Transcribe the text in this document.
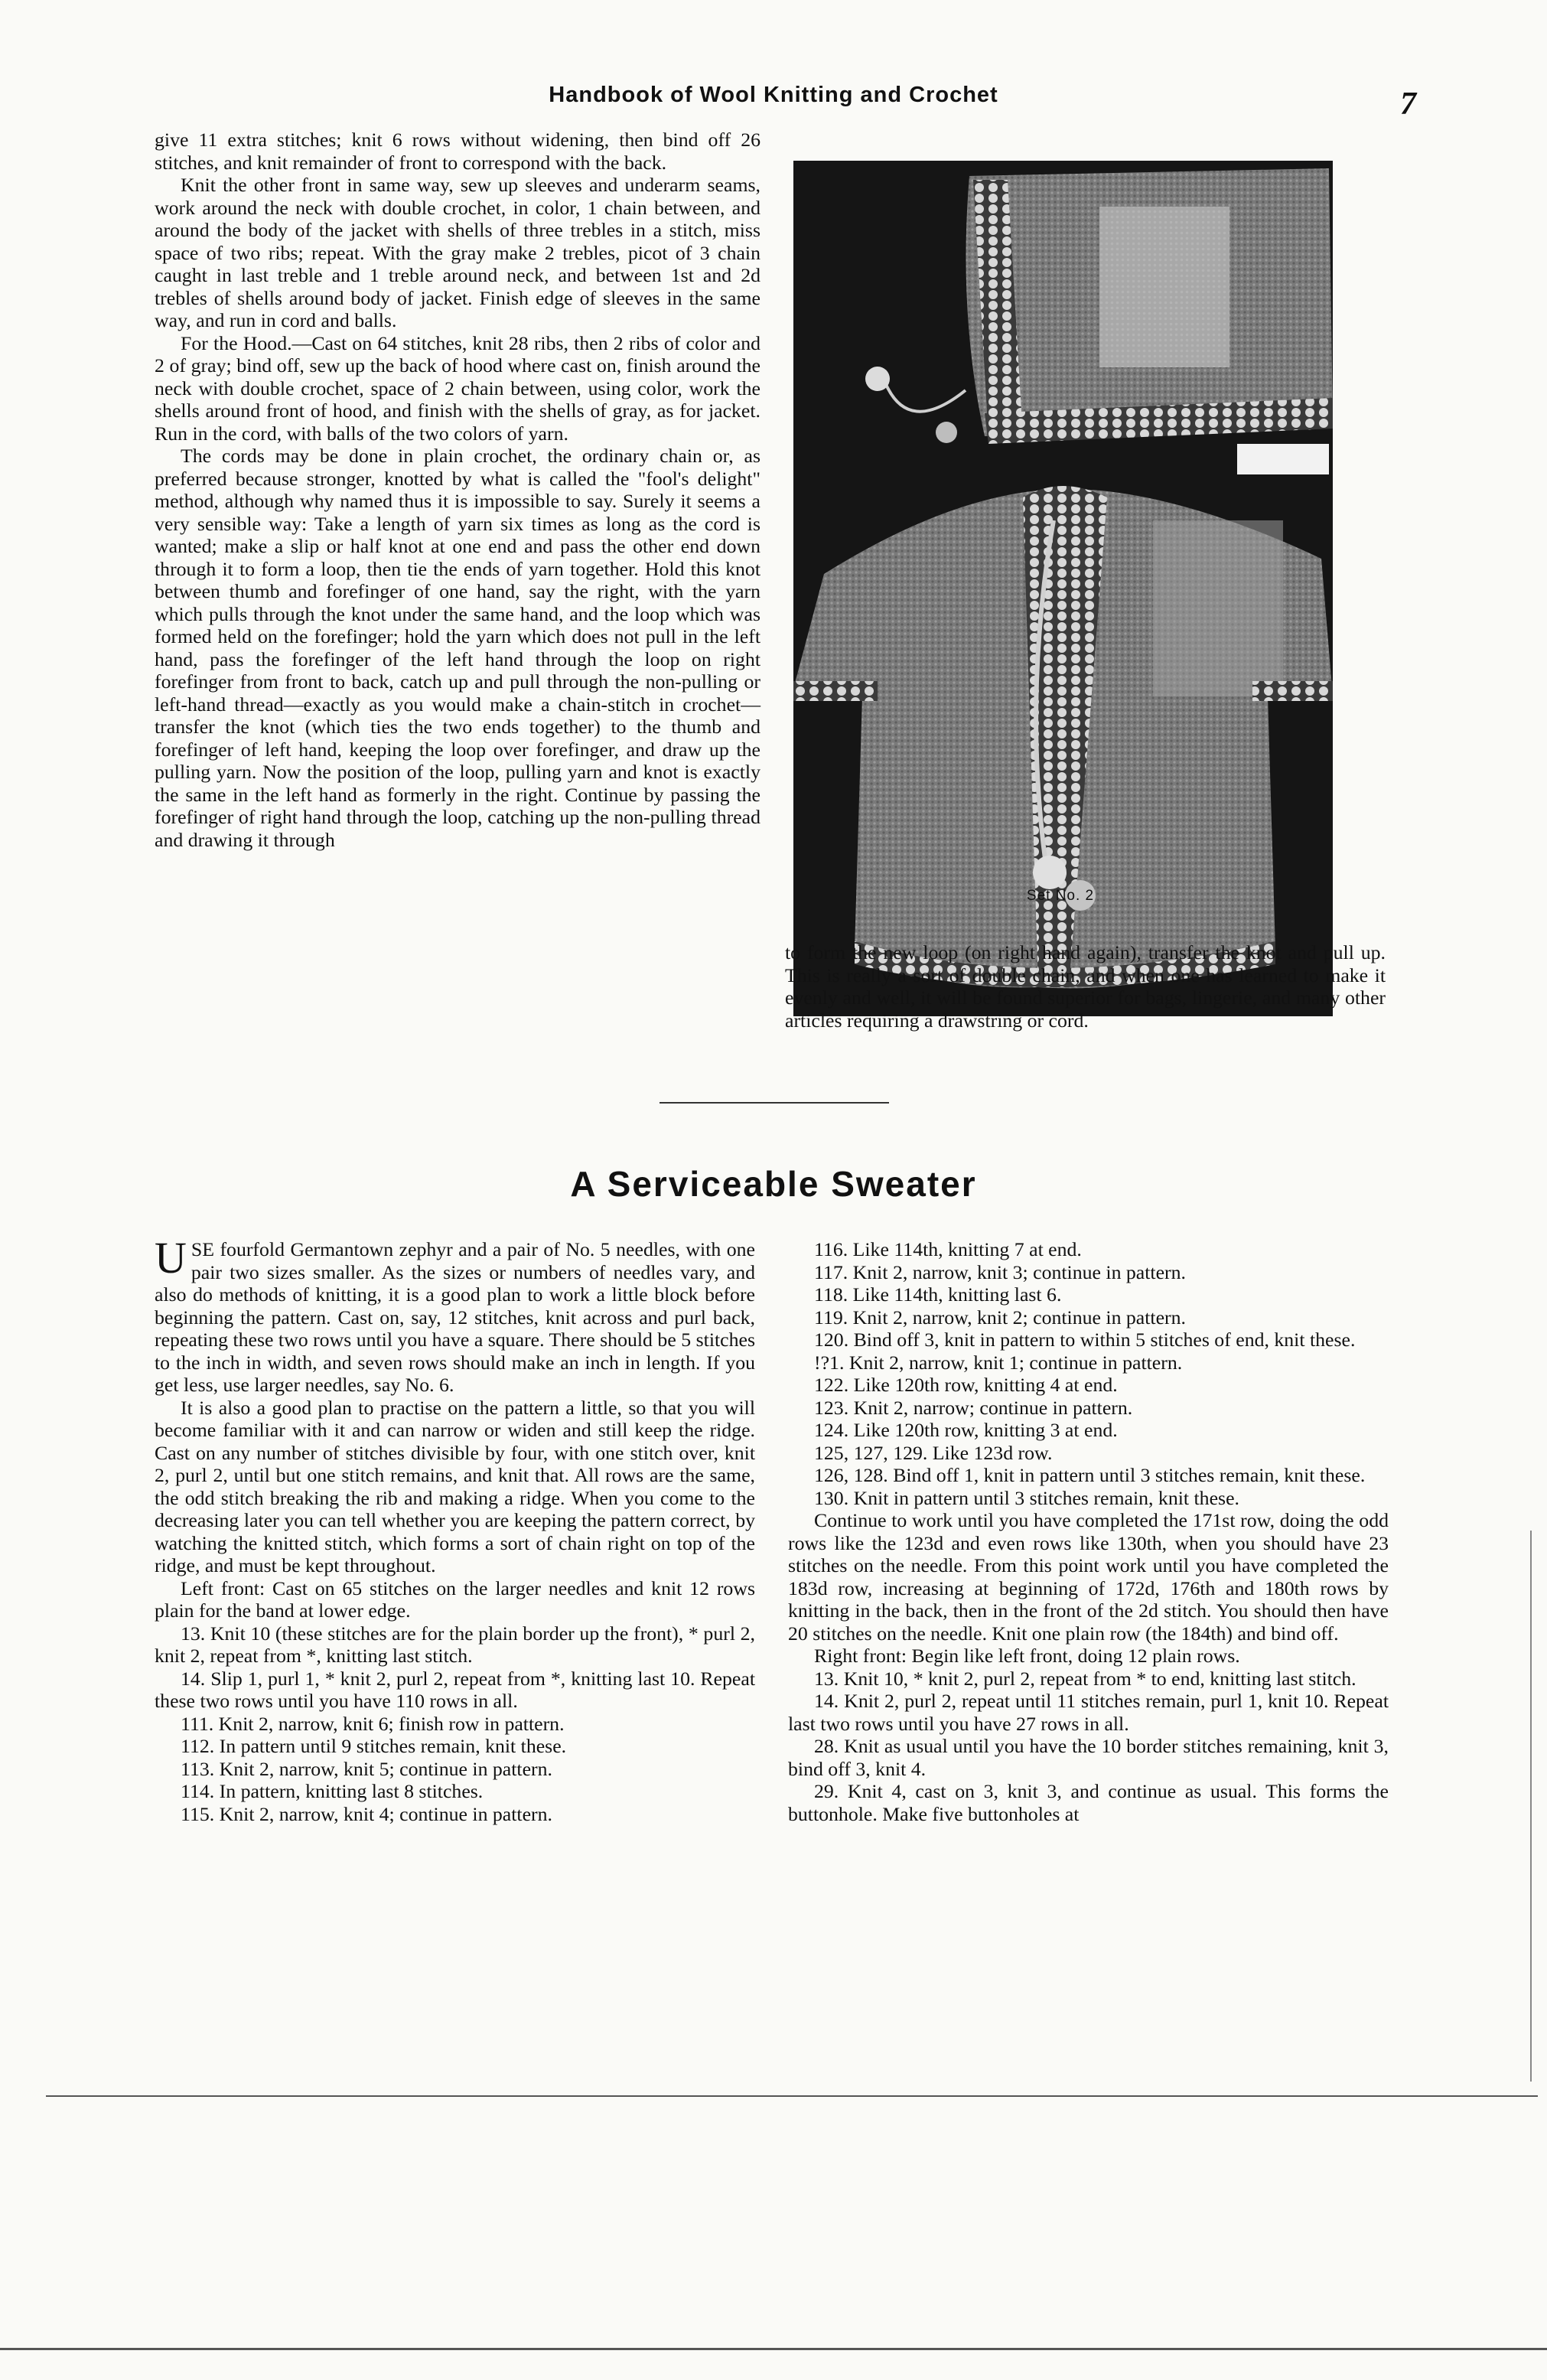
Handbook of Wool Knitting and Crochet	7

give 11 extra stitches; knit 6 rows without widening, then bind off 26 stitches, and knit remainder of front to correspond with the back.

Knit the other front in same way, sew up sleeves and underarm seams, work around the neck with double crochet, in color, 1 chain between, and around the body of the jacket with shells of three trebles in a stitch, miss space of two ribs; repeat. With the gray make 2 trebles, picot of 3 chain caught in last treble and 1 treble around neck, and between 1st and 2d trebles of shells around body of jacket. Finish edge of sleeves in the same way, and run in cord and balls.

For the Hood.—Cast on 64 stitches, knit 28 ribs, then 2 ribs of color and 2 of gray; bind off, sew up the back of hood where cast on, finish around the neck with double crochet, space of 2 chain between, using color, work the shells around front of hood, and finish with the shells of gray, as for jacket. Run in the cord, with balls of the two colors of yarn.

The cords may be done in plain crochet, the ordinary chain or, as preferred because stronger, knotted by what is called the "fool's delight" method, although why named thus it is impossible to say. Surely it seems a very sensible way: Take a length of yarn six times as long as the cord is wanted; make a slip or half knot at one end and pass the other end down through it to form a loop, then tie the ends of yarn together. Hold this knot between thumb and forefinger of one hand, say the right, with the yarn which pulls through the knot under the same hand, and the loop which was formed held on the forefinger; hold the yarn which does not pull in the left hand, pass the forefinger of the left hand through the loop on right forefinger from front to back, catch up and pull through the non-pulling or left-hand thread—exactly as you would make a chain-stitch in crochet—transfer the knot (which ties the two ends together) to the thumb and forefinger of left hand, keeping the loop over forefinger, and draw up the pulling yarn. Now the position of the loop, pulling yarn and knot is exactly the same in the left hand as formerly in the right. Continue by passing the forefinger of right hand through the loop, catching up the non-pulling thread and drawing it through

Set No. 2

to form the new loop (on right hand again), transfer the knot and pull up. This is really a sort of double chain, and when one has learned to make it evenly and well, it will be found superior for bags, lingerie, and many other articles requiring a drawstring or cord.

A Serviceable Sweater

USE fourfold Germantown zephyr and a pair of No. 5 needles, with one pair two sizes smaller. As the sizes or numbers of needles vary, and also do methods of knitting, it is a good plan to work a little block before beginning the pattern. Cast on, say, 12 stitches, knit across and purl back, repeating these two rows until you have a square. There should be 5 stitches to the inch in width, and seven rows should make an inch in length. If you get less, use larger needles, say No. 6.

It is also a good plan to practise on the pattern a little, so that you will become familiar with it and can narrow or widen and still keep the ridge. Cast on any number of stitches divisible by four, with one stitch over, knit 2, purl 2, until but one stitch remains, and knit that. All rows are the same, the odd stitch breaking the rib and making a ridge. When you come to the decreasing later you can tell whether you are keeping the pattern correct, by watching the knitted stitch, which forms a sort of chain right on top of the ridge, and must be kept throughout.

Left front: Cast on 65 stitches on the larger needles and knit 12 rows plain for the band at lower edge.

13. Knit 10 (these stitches are for the plain border up the front), * purl 2, knit 2, repeat from *, knitting last stitch.

14. Slip 1, purl 1, * knit 2, purl 2, repeat from *, knitting last 10. Repeat these two rows until you have 110 rows in all.

111. Knit 2, narrow, knit 6; finish row in pattern.

112. In pattern until 9 stitches remain, knit these.

113. Knit 2, narrow, knit 5; continue in pattern.

114. In pattern, knitting last 8 stitches.

115. Knit 2, narrow, knit 4; continue in pattern.

116. Like 114th, knitting 7 at end.

117. Knit 2, narrow, knit 3; continue in pattern.

118. Like 114th, knitting last 6.

119. Knit 2, narrow, knit 2; continue in pattern.

120. Bind off 3, knit in pattern to within 5 stitches of end, knit these.

!?1. Knit 2, narrow, knit 1; continue in pattern.

122. Like 120th row, knitting 4 at end.

123. Knit 2, narrow; continue in pattern.

124. Like 120th row, knitting 3 at end.

125, 127, 129. Like 123d row.

126, 128. Bind off 1, knit in pattern until 3 stitches remain, knit these.

130. Knit in pattern until 3 stitches remain, knit these.

Continue to work until you have completed the 171st row, doing the odd rows like the 123d and even rows like 130th, when you should have 23 stitches on the needle. From this point work until you have completed the 183d row, increasing at beginning of 172d, 176th and 180th rows by knitting in the back, then in the front of the 2d stitch. You should then have 20 stitches on the needle. Knit one plain row (the 184th) and bind off.

Right front: Begin like left front, doing 12 plain rows.

13. Knit 10, * knit 2, purl 2, repeat from * to end, knitting last stitch.

14. Knit 2, purl 2, repeat until 11 stitches remain, purl 1, knit 10. Repeat last two rows until you have 27 rows in all.

28. Knit as usual until you have the 10 border stitches remaining, knit 3, bind off 3, knit 4.

29. Knit 4, cast on 3, knit 3, and continue as usual. This forms the buttonhole. Make five buttonholes at
